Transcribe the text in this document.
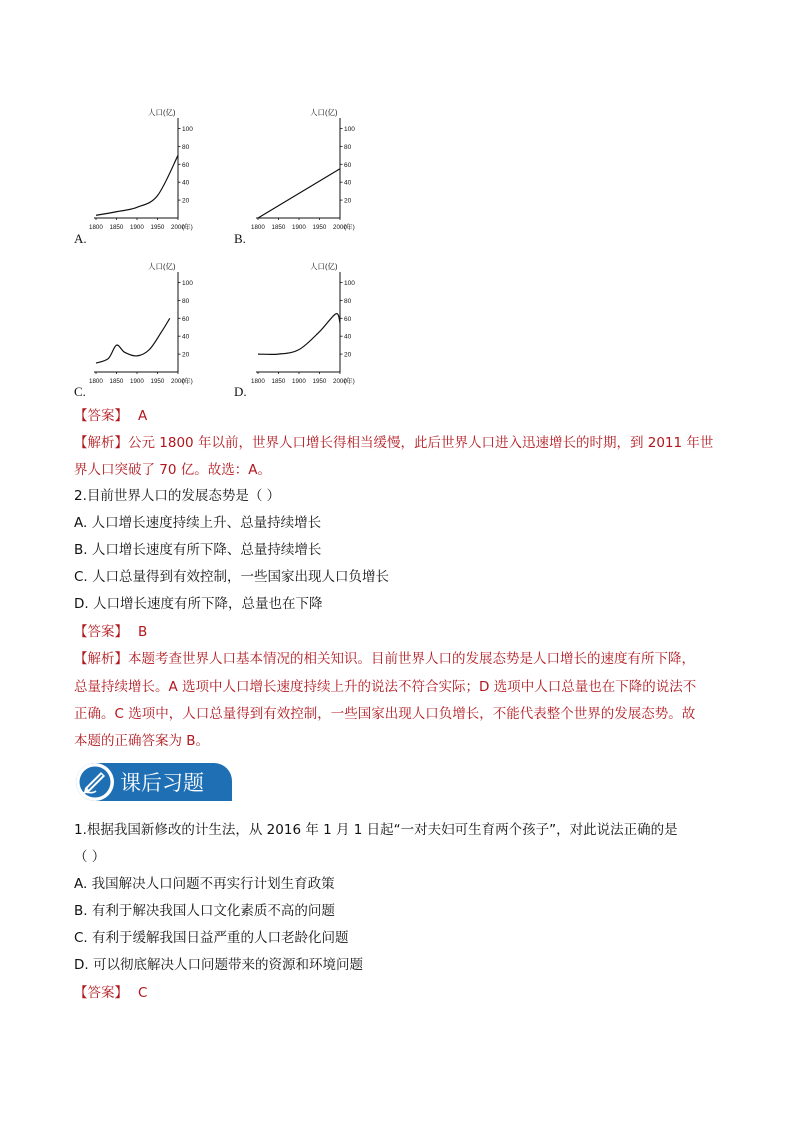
A.	B.
C.	D.
人口(亿)
100
80
60
40
20
1800 1850 1900 1950 2000
(年)
人口(亿)
100
80
60
40
20
1800 1850 1900 1950 2000
(年)
人口(亿)
100
80
60
40
20
1800 1850 1900 1950 2000
(年)
人口(亿)
100
80
60
40
20
1800 1850 1900 1950 2000
(年)
【答案】 A
【解析】公元 1800 年以前，世界人口增长得相当缓慢，此后世界人口进入迅速增长的时期，到 2011 年世
界人口突破了 70 亿。故选：A。
2.目前世界人口的发展态势是（ ）
A. 人口增长速度持续上升、总量持续增长
B. 人口增长速度有所下降、总量持续增长
C. 人口总量得到有效控制，一些国家出现人口负增长
D. 人口增长速度有所下降，总量也在下降
【答案】 B
【解析】本题考查世界人口基本情况的相关知识。目前世界人口的发展态势是人口增长的速度有所下降，
总量持续增长。A 选项中人口增长速度持续上升的说法不符合实际；D 选项中人口总量也在下降的说法不
正确。C 选项中，人口总量得到有效控制，一些国家出现人口负增长，不能代表整个世界的发展态势。故
本题的正确答案为 B。
课后习题
1.根据我国新修改的计生法，从 2016 年 1 月 1 日起“一对夫妇可生育两个孩子”，对此说法正确的是
（ ）
A. 我国解决人口问题不再实行计划生育政策
B. 有利于解决我国人口文化素质不高的问题
C. 有利于缓解我国日益严重的人口老龄化问题
D. 可以彻底解决人口问题带来的资源和环境问题
【答案】 C
